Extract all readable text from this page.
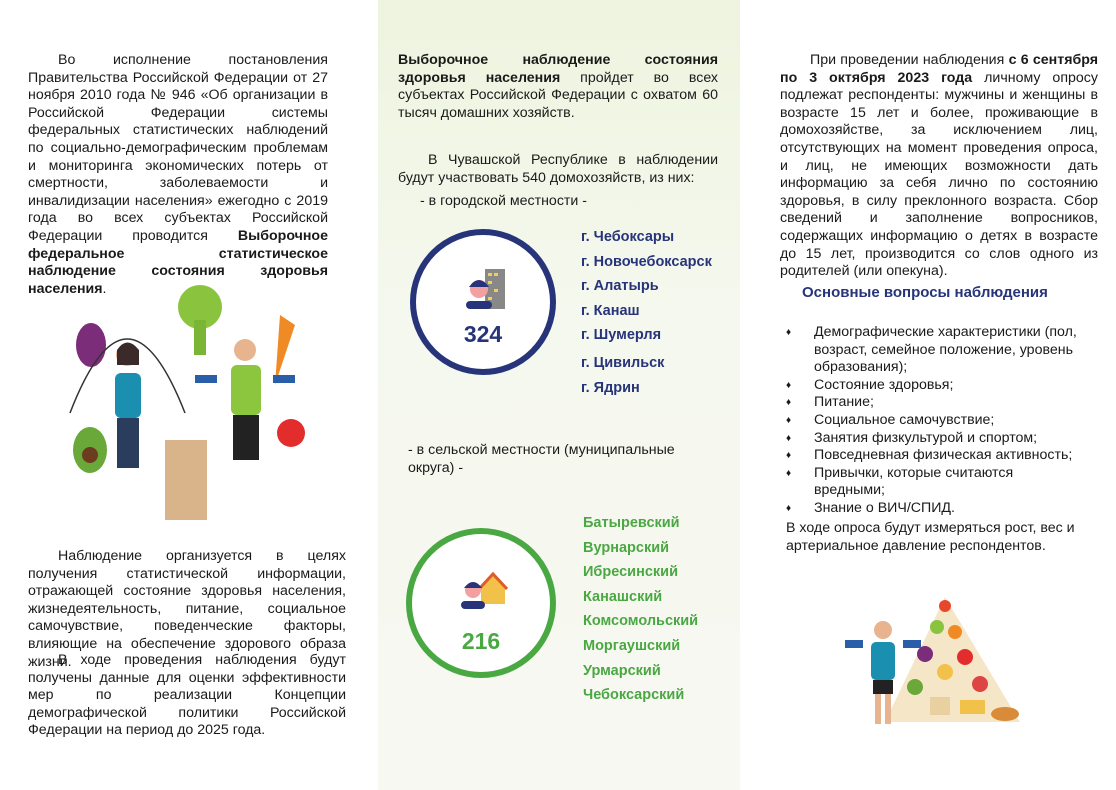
Во исполнение постановления Правительства Российской Федерации от 27 ноября 2010 года № 946 «Об организации в Российской Федерации системы федеральных статистических наблюдений по социально-демографическим проблемам и мониторинга экономических потерь от смертности, заболеваемости и инвалидизации населения» ежегодно с 2019 года во всех субъектах Российской Федерации проводится Выборочное федеральное статистическое наблюдение состояния здоровья населения.

Наблюдение организуется в целях получения статистической информации, отражающей состояние здоровья населения, жизнедеятельность, питание, социальное самочувствие, поведенческие факторы, влияющие на обеспечение здорового образа жизни.

В ходе проведения наблюдения будут получены данные для оценки эффективности мер по реализации Концепции демографической политики Российской Федерации на период до 2025 года.

Выборочное наблюдение состояния здоровья населения пройдет во всех субъектах Российской Федерации с охватом 60 тысяч домашних хозяйств.

В Чувашской Республике в наблюдении будут участвовать 540 домохозяйств, из них:

- в городской местности -
324
г. Чебоксары
г. Новочебоксарск
г. Алатырь
г. Канаш
г. Шумерля
г. Цивильск
г. Ядрин
- в сельской местности (муниципальные округа) -
216
Батыревский
Вурнарский
Ибресинский
Канашский
Комсомольский
Моргаушский
Урмарский
Чебоксарский

При проведении наблюдения с 6 сентября по 3 октября 2023 года личному опросу подлежат респонденты: мужчины и женщины в возрасте 15 лет и более, проживающие в домохозяйстве, за исключением лиц, отсутствующих на момент проведения опроса, и лиц, не имеющих возможности дать информацию за себя лично по состоянию здоровья, в силу преклонного возраста. Сбор сведений и заполнение вопросников, содержащих информацию о детях в возрасте до 15 лет, производится со слов одного из родителей (или опекуна).

Основные вопросы наблюдения
♦ Демографические характеристики (пол, возраст, семейное положение, уровень образования);
♦ Состояние здоровья;
♦ Питание;
♦ Социальное самочувствие;
♦ Занятия физкультурой и спортом;
♦ Повседневная физическая активность;
♦ Привычки, которые считаются вредными;
♦ Знание о ВИЧ/СПИД.

В ходе опроса будут измеряться рост, вес и артериальное давление респондентов.
